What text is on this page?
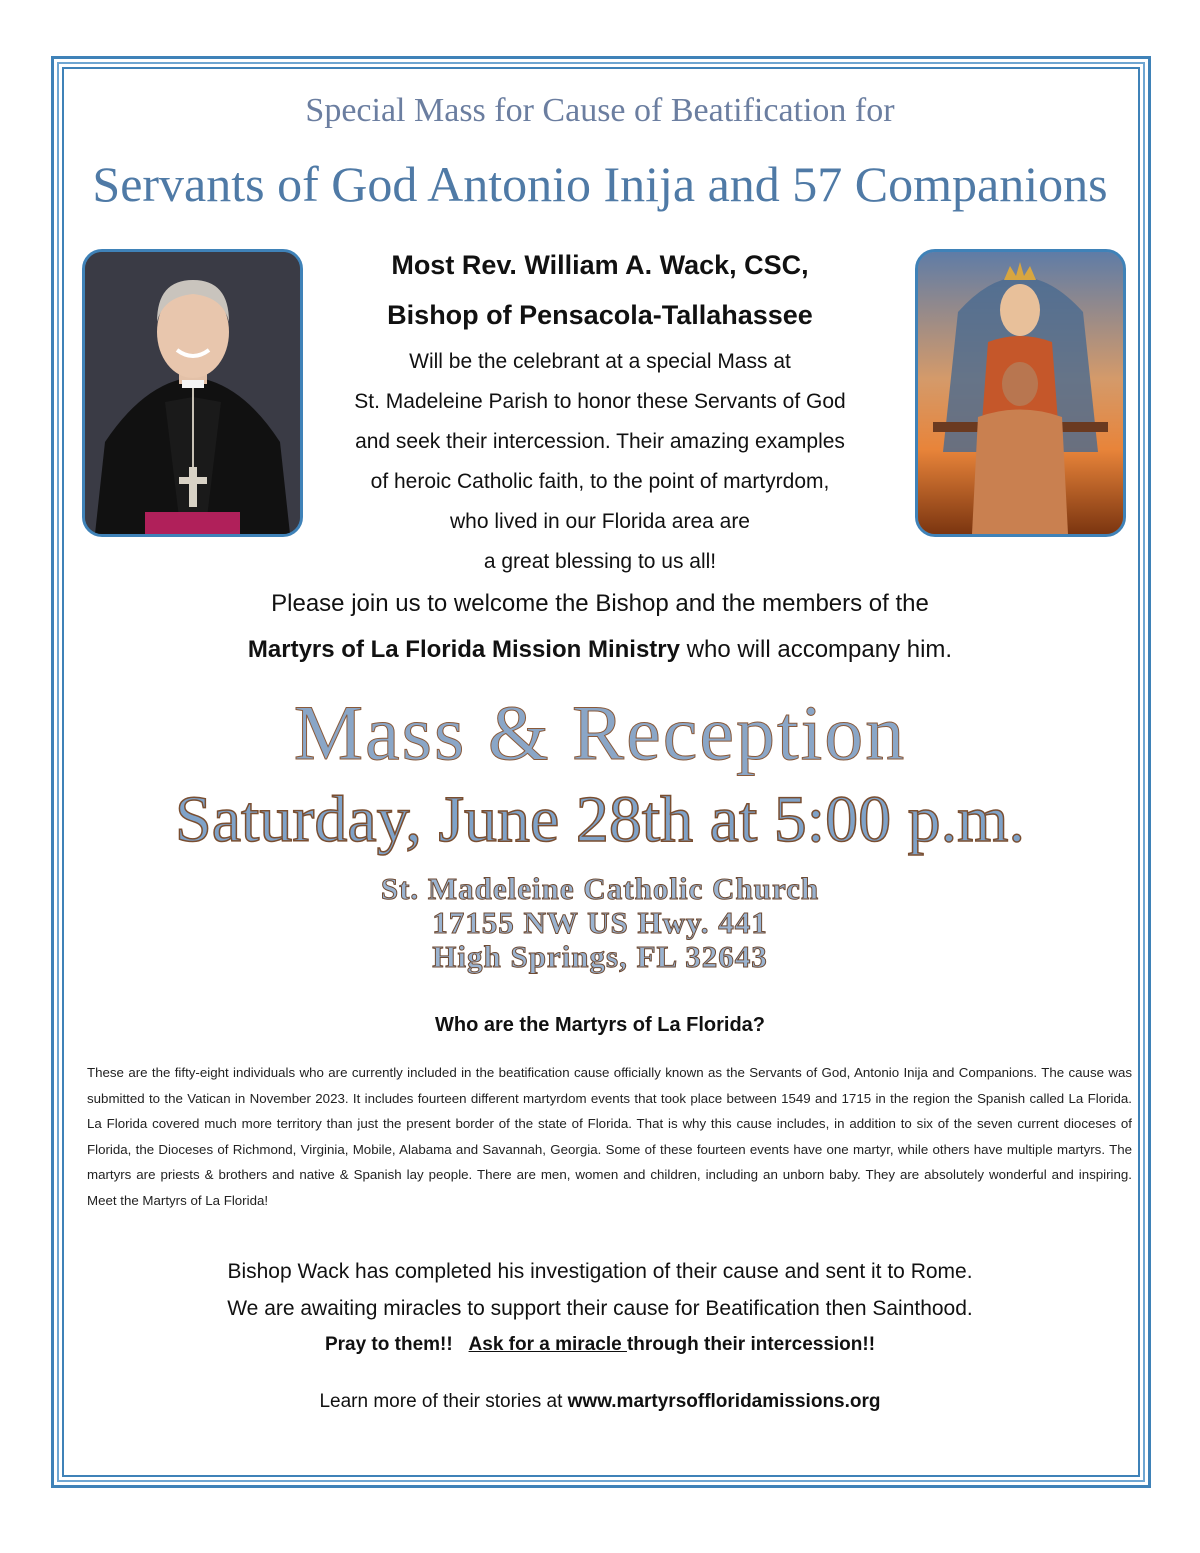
Special Mass for Cause of Beatification for
Servants of God Antonio Inija and 57 Companions
Most Rev. William A. Wack, CSC,
Bishop of Pensacola-Tallahassee
Will be the celebrant at a special Mass at
St. Madeleine Parish to honor these Servants of God
and seek their intercession. Their amazing examples
of heroic Catholic faith, to the point of martyrdom,
who lived in our Florida area are
a great blessing to us all!
Please join us to welcome the Bishop and the members of the
Martyrs of La Florida Mission Ministry who will accompany him.
Mass & Reception
Saturday, June 28th at 5:00 p.m.
St. Madeleine Catholic Church
17155 NW US Hwy. 441
High Springs, FL 32643
Who are the Martyrs of La Florida?
These are the fifty-eight individuals who are currently included in the beatification cause officially known as the Servants of God, Antonio Inija and Companions. The cause was submitted to the Vatican in November 2023. It includes fourteen different martyrdom events that took place between 1549 and 1715 in the region the Spanish called La Florida. La Florida covered much more territory than just the present border of the state of Florida. That is why this cause includes, in addition to six of the seven current dioceses of Florida, the Dioceses of Richmond, Virginia, Mobile, Alabama and Savannah, Georgia. Some of these fourteen events have one martyr, while others have multiple martyrs. The martyrs are priests & brothers and native & Spanish lay people. There are men, women and children, including an unborn baby. They are absolutely wonderful and inspiring. Meet the Martyrs of La Florida!
Bishop Wack has completed his investigation of their cause and sent it to Rome.
We are awaiting miracles to support their cause for Beatification then Sainthood.
Pray to them!! Ask for a miracle through their intercession!!
Learn more of their stories at www.martyrsoffloridamissions.org
